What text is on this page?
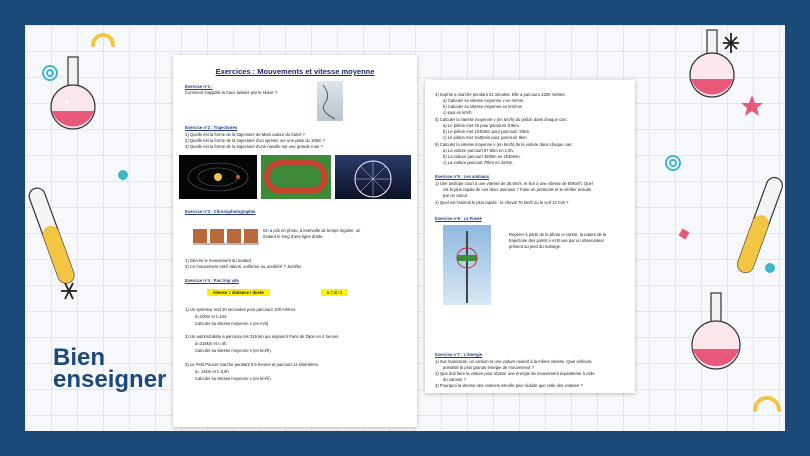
Bien
enseigner
Exercices : Mouvements et vitesse moyenne
Exercice n°1 :
Comment s'appelle la trace laissée par le skieur ?
Exercice n°2 : Trajectoires
1) Quelle est la forme de la trajectoire de Mars autour du Soleil ?
2) Quelle est la forme de la trajectoire d'un sprinter sur une piste du 100m ?
3) Quelle est la forme de la trajectoire d'une nacelle sur une grande roue ?
Exercice n°3 : Chronophotographie
On a pris en photo, à intervalle de temps régulier, un
motard le long d'une ligne droite.
1) Décrire le mouvement du motard.
2) Ce mouvement est-il ralenti, uniforme ou accéléré ? Justifier.
Exercice n°4 : Pas trop vite
vitesse = distance / durée	v = d : t
1) Un sprinteur met 10 secondes pour parcourir 100 mètres.
d=100m et t=10s
Calculer sa vitesse moyenne v (en m/s)
2) Un automobiliste a parcouru les 316 km qui séparent Paris de Dijon en 4 heures
d=316km et t=4h
Calculer sa vitesse moyenne v (en km/h).
3) Le Petit Poucet marche pendant 3,5 heures et parcourt 14 kilomètres.
d= 14km et t=3,5h
Calculer sa vitesse moyenne v (en km/h).
4) Sophie a marché pendant 31 minutes. Elle a parcouru 3200 mètres.
a) Calculer sa vitesse moyenne v en m/min.
b) Calculer sa vitesse moyenne en km/min
c) puis en km/h.
5) Calculer la vitesse moyenne v (en km/h) du piéton dans chaque cas :
a) Le piéton met 4h pour parcourir 9,5km.
b) Le piéton met 1h30min pour parcourir 10km.
c) Le piéton met 1h45min pour parcourir 9km.
6) Calculer la vitesse moyenne v (en km/h) de la voiture dans chaque cas :
a) La voiture parcourt 97,5km en 1,5h.
b) La voiture parcourt 450km en 2h30min.
c) La voiture parcourt 70km en 42min.
Exercice n°5 : Les animaux
1) Une antilope court à une vitesse de 25,9m/s, et lion à une vitesse de 80km/h. Quel
est le plus rapide de ces deux animaux ? Faire un protocole et le vérifier ensuite
par un calcul.
2) Quel est l'animal le plus rapide : le cheval 70 km/h ou le cerf 21 m/s ?
Exercice n°6 : Le Fuseé
Repérer à partir de la photo ci-contre, la nature de la
trajectoire des points A et B vue par un observateur
présent au pied du manège.
Exercice n°7 : L'énergie
1) Sur l'autoroute, un camion et une voiture roulent à la même vitesse. Quel véhicule
possède la plus grande énergie de mouvement ?
2) Que doit faire la voiture pour obtenir une énergie de mouvement équivalente à celle
du camion ?
3) Pourquoi la vitesse des camions est-elle plus réduite que celle des voitures ?
